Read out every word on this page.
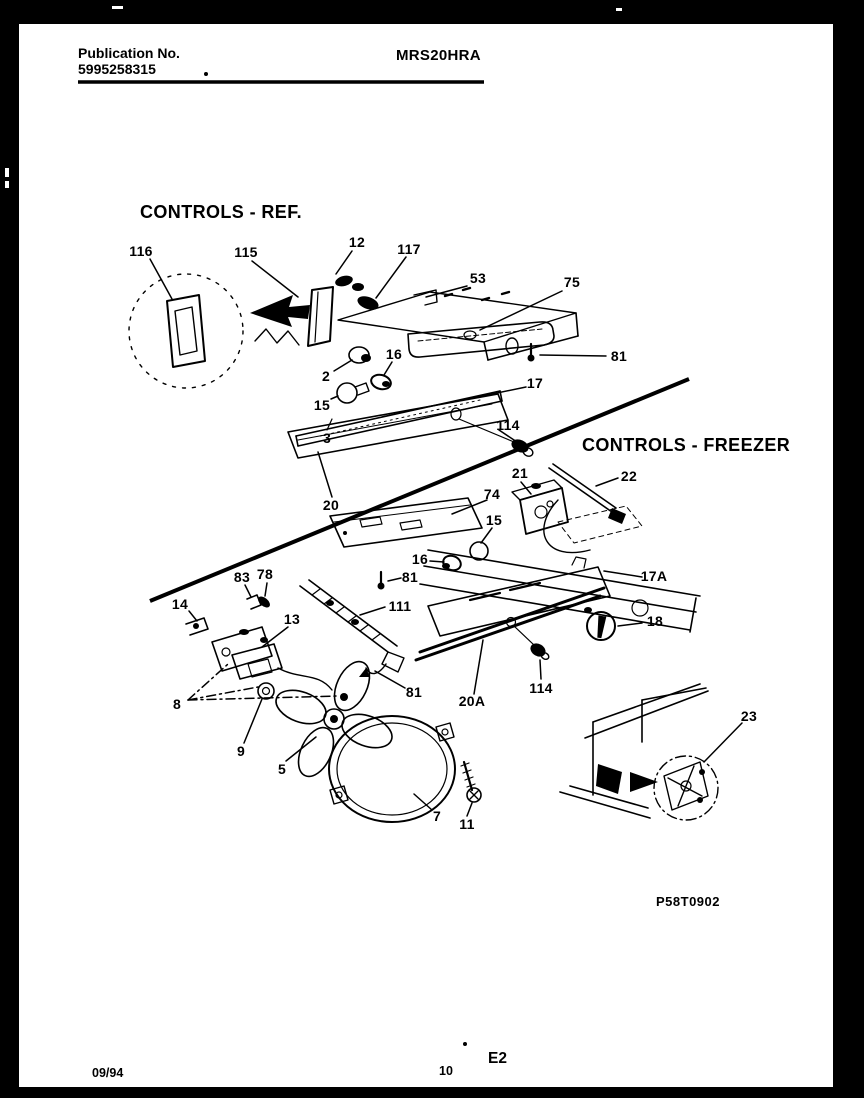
Publication No.
5995258315
MRS20HRA
CONTROLS - REF.
CONTROLS - FREEZER
116	115
12 117
53	75
81
2
16
15
17
114
3
20
21	22
74
15
16
81	17A
83 78
14
13
111
18
81
20A
114
8
9
5
7 11
23
P58T0902
09/94	10
E2
